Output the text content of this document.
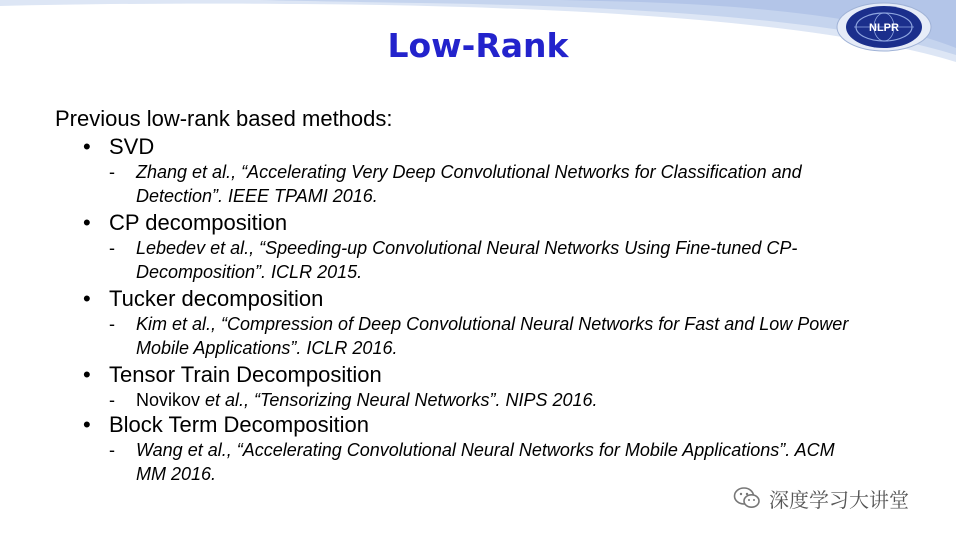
NLPR
Low-Rank

Previous low-rank based methods:

• SVD
- Zhang et al., “Accelerating Very Deep Convolutional Networks for Classification and
Detection”. IEEE TPAMI 2016.
• CP decomposition
- Lebedev et al., “Speeding-up Convolutional Neural Networks Using Fine-tuned CP-
Decomposition”. ICLR 2015.
• Tucker decomposition
- Kim et al., “Compression of Deep Convolutional Neural Networks for Fast and Low Power
Mobile Applications”. ICLR 2016.
• Tensor Train Decomposition
- Novikov et al., “Tensorizing Neural Networks”. NIPS 2016.
• Block Term Decomposition
- Wang et al., “Accelerating Convolutional Neural Networks for Mobile Applications”. ACM
MM 2016.
深度学习大讲堂
